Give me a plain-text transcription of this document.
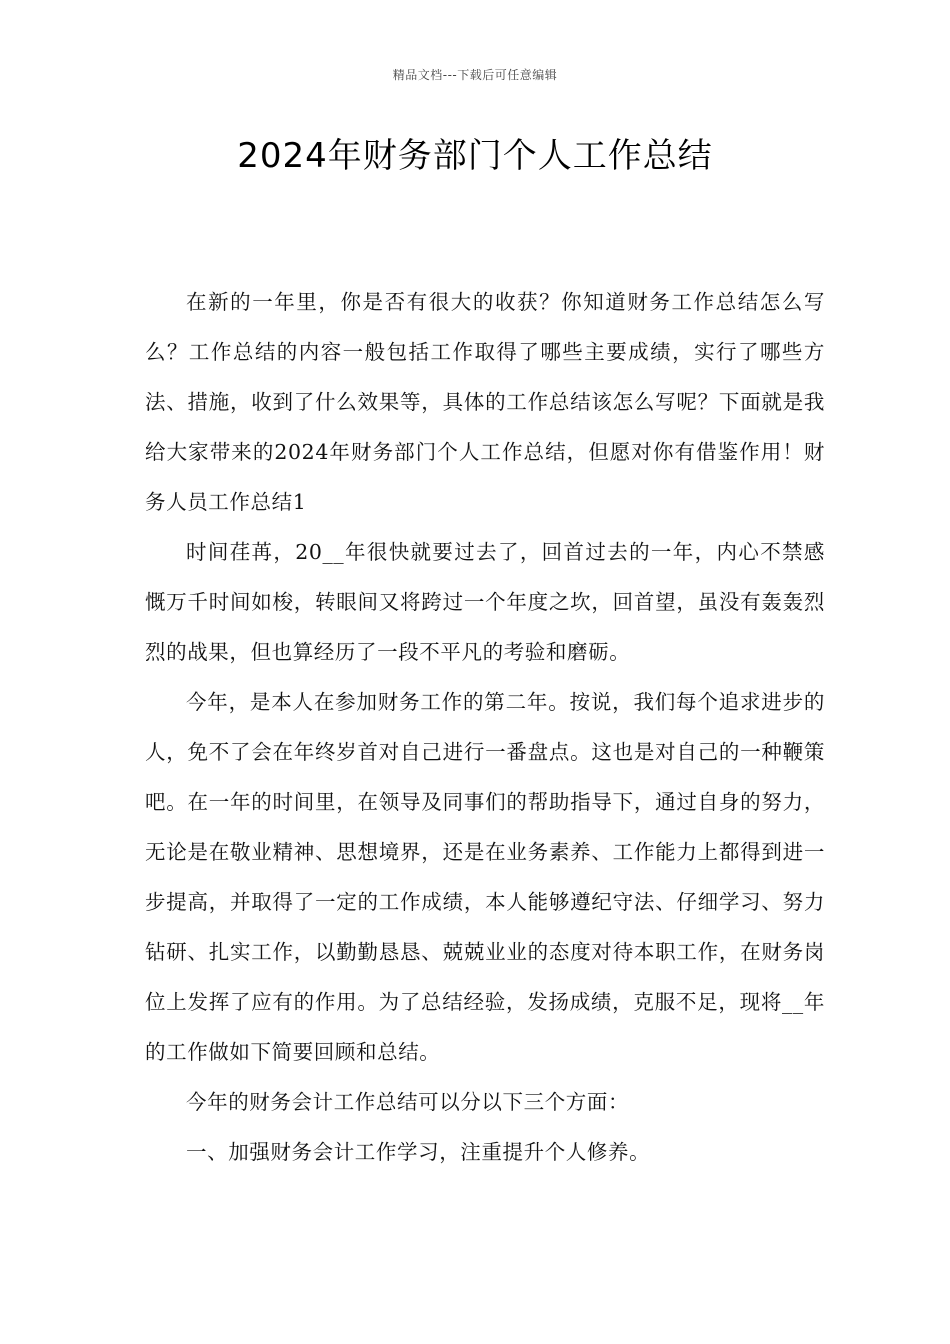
精品文档---下载后可任意编辑
2024年财务部门个人工作总结

在新的一年里，你是否有很大的收获？你知道财务工作总结怎么写么？工作总结的内容一般包括工作取得了哪些主要成绩，实行了哪些方法、措施，收到了什么效果等，具体的工作总结该怎么写呢？下面就是我给大家带来的2024年财务部门个人工作总结，但愿对你有借鉴作用！财务人员工作总结1

时间荏苒，20__年很快就要过去了，回首过去的一年，内心不禁感慨万千时间如梭，转眼间又将跨过一个年度之坎，回首望，虽没有轰轰烈烈的战果，但也算经历了一段不平凡的考验和磨砺。

今年，是本人在参加财务工作的第二年。按说，我们每个追求进步的人，免不了会在年终岁首对自己进行一番盘点。这也是对自己的一种鞭策吧。在一年的时间里，在领导及同事们的帮助指导下，通过自身的努力，无论是在敬业精神、思想境界，还是在业务素养、工作能力上都得到进一步提高，并取得了一定的工作成绩，本人能够遵纪守法、仔细学习、努力钻研、扎实工作，以勤勤恳恳、兢兢业业的态度对待本职工作，在财务岗位上发挥了应有的作用。为了总结经验，发扬成绩，克服不足，现将__年的工作做如下简要回顾和总结。

今年的财务会计工作总结可以分以下三个方面：

一、加强财务会计工作学习，注重提升个人修养。
